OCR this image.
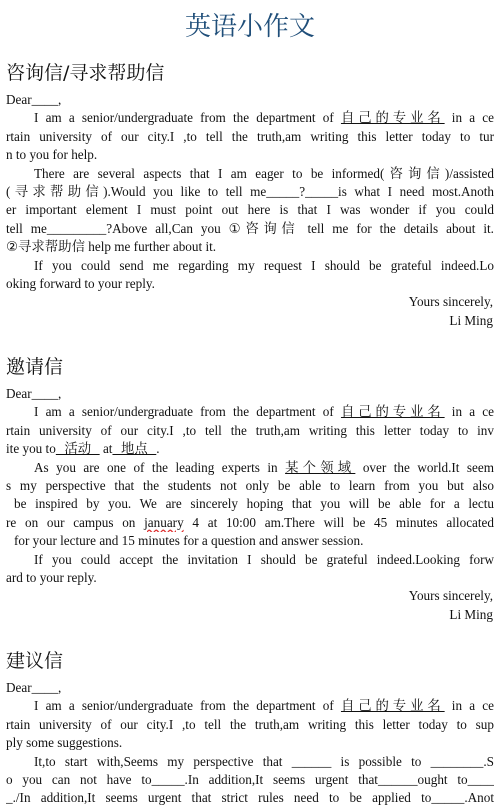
英语小作文
咨询信/寻求帮助信
Dear____,
I am a senior/undergraduate from the department of 自己的专业名 in a ce
rtain university of our city.I ,to tell the truth,am writing this letter today to tur
n to you for help.
There are several aspects that I am eager to be informed(咨询信)/assisted
(寻求帮助信).Would you like to tell me_____?_____is what I need most.Anoth
er important element I must point out here is that I was wonder if you could
tell me_________?Above all,Can you ①咨询信 tell me for the details about it.
②寻求帮助信 help me further about it.
If you could send me regarding my request I should be grateful indeed.Lo
oking forward to your reply.
Yours sincerely,
Li Ming
邀请信
Dear____,
I am a senior/undergraduate from the department of 自己的专业名 in a ce
rtain university of our city.I ,to tell the truth,am writing this letter today to inv
ite you to  活动   at  地点  .
As you are one of the leading experts in 某个领域 over the world.It seem
s my perspective that the students not only be able to learn from you but also
be inspired by you. We are sincerely hoping that you will be able for a lectu
re on our campus on january 4 at 10:00 am.There will be 45 minutes allocated
for your lecture and 15 minutes for a question and answer session.
If you could accept the invitation I should be grateful indeed.Looking forw
ard to your reply.
Yours sincerely,
Li Ming
建议信
Dear____,
I am a senior/undergraduate from the department of 自己的专业名 in a ce
rtain university of our city.I ,to tell the truth,am writing this letter today to sup
ply some suggestions.
It,to start with,Seems my perspective that ______ is possible to ________.S
o you can not have to_____.In addition,It seems urgent that______ought to____
_./In addition,It seems urgent that strict rules need to be applied to_____.Anot
